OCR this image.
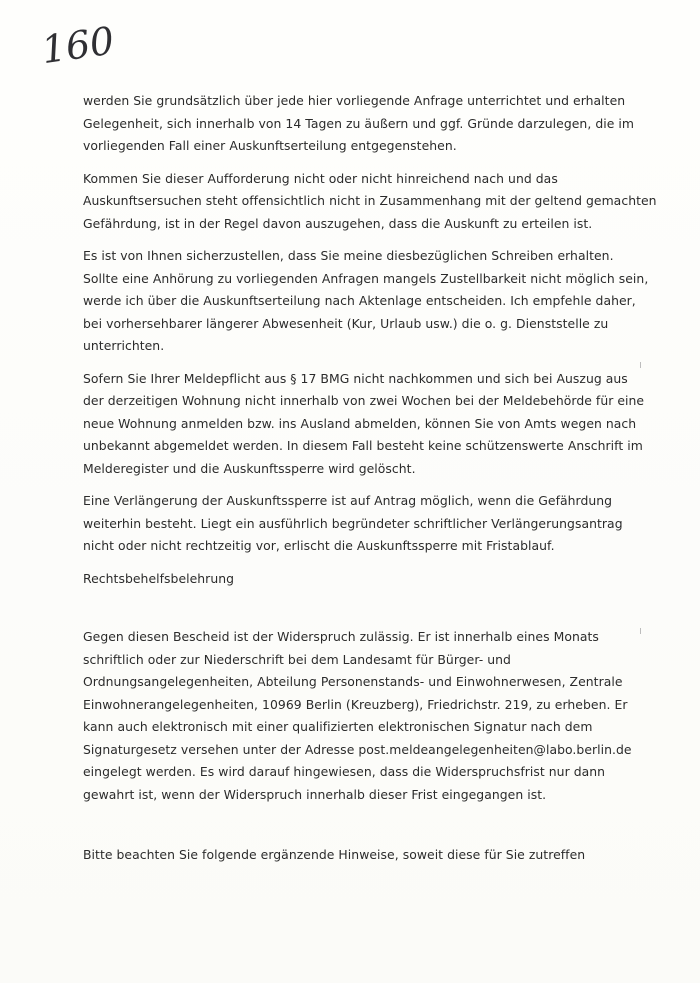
160
werden Sie grundsätzlich über jede hier vorliegende Anfrage unterrichtet und erhalten
Gelegenheit, sich innerhalb von 14 Tagen zu äußern und ggf. Gründe darzulegen, die im
vorliegenden Fall einer Auskunftserteilung entgegenstehen.
Kommen Sie dieser Aufforderung nicht oder nicht hinreichend nach und das
Auskunftsersuchen steht offensichtlich nicht in Zusammenhang mit der geltend gemachten
Gefährdung, ist in der Regel davon auszugehen, dass die Auskunft zu erteilen ist.
Es ist von Ihnen sicherzustellen, dass Sie meine diesbezüglichen Schreiben erhalten.
Sollte eine Anhörung zu vorliegenden Anfragen mangels Zustellbarkeit nicht möglich sein,
werde ich über die Auskunftserteilung nach Aktenlage entscheiden. Ich empfehle daher,
bei vorhersehbarer längerer Abwesenheit (Kur, Urlaub usw.) die o. g. Dienststelle zu
unterrichten.
Sofern Sie Ihrer Meldepflicht aus § 17 BMG nicht nachkommen und sich bei Auszug aus
der derzeitigen Wohnung nicht innerhalb von zwei Wochen bei der Meldebehörde für eine
neue Wohnung anmelden bzw. ins Ausland abmelden, können Sie von Amts wegen nach
unbekannt abgemeldet werden. In diesem Fall besteht keine schützenswerte Anschrift im
Melderegister und die Auskunftssperre wird gelöscht.
Eine Verlängerung der Auskunftssperre ist auf Antrag möglich, wenn die Gefährdung
weiterhin besteht. Liegt ein ausführlich begründeter schriftlicher Verlängerungsantrag
nicht oder nicht rechtzeitig vor, erlischt die Auskunftssperre mit Fristablauf.
Rechtsbehelfsbelehrung
Gegen diesen Bescheid ist der Widerspruch zulässig. Er ist innerhalb eines Monats
schriftlich oder zur Niederschrift bei dem Landesamt für Bürger- und
Ordnungsangelegenheiten, Abteilung Personenstands- und Einwohnerwesen, Zentrale
Einwohnerangelegenheiten, 10969 Berlin (Kreuzberg), Friedrichstr. 219, zu erheben. Er
kann auch elektronisch mit einer qualifizierten elektronischen Signatur nach dem
Signaturgesetz versehen unter der Adresse post.meldeangelegenheiten@labo.berlin.de
eingelegt werden. Es wird darauf hingewiesen, dass die Widerspruchsfrist nur dann
gewahrt ist, wenn der Widerspruch innerhalb dieser Frist eingegangen ist.
Bitte beachten Sie folgende ergänzende Hinweise, soweit diese für Sie zutreffen
